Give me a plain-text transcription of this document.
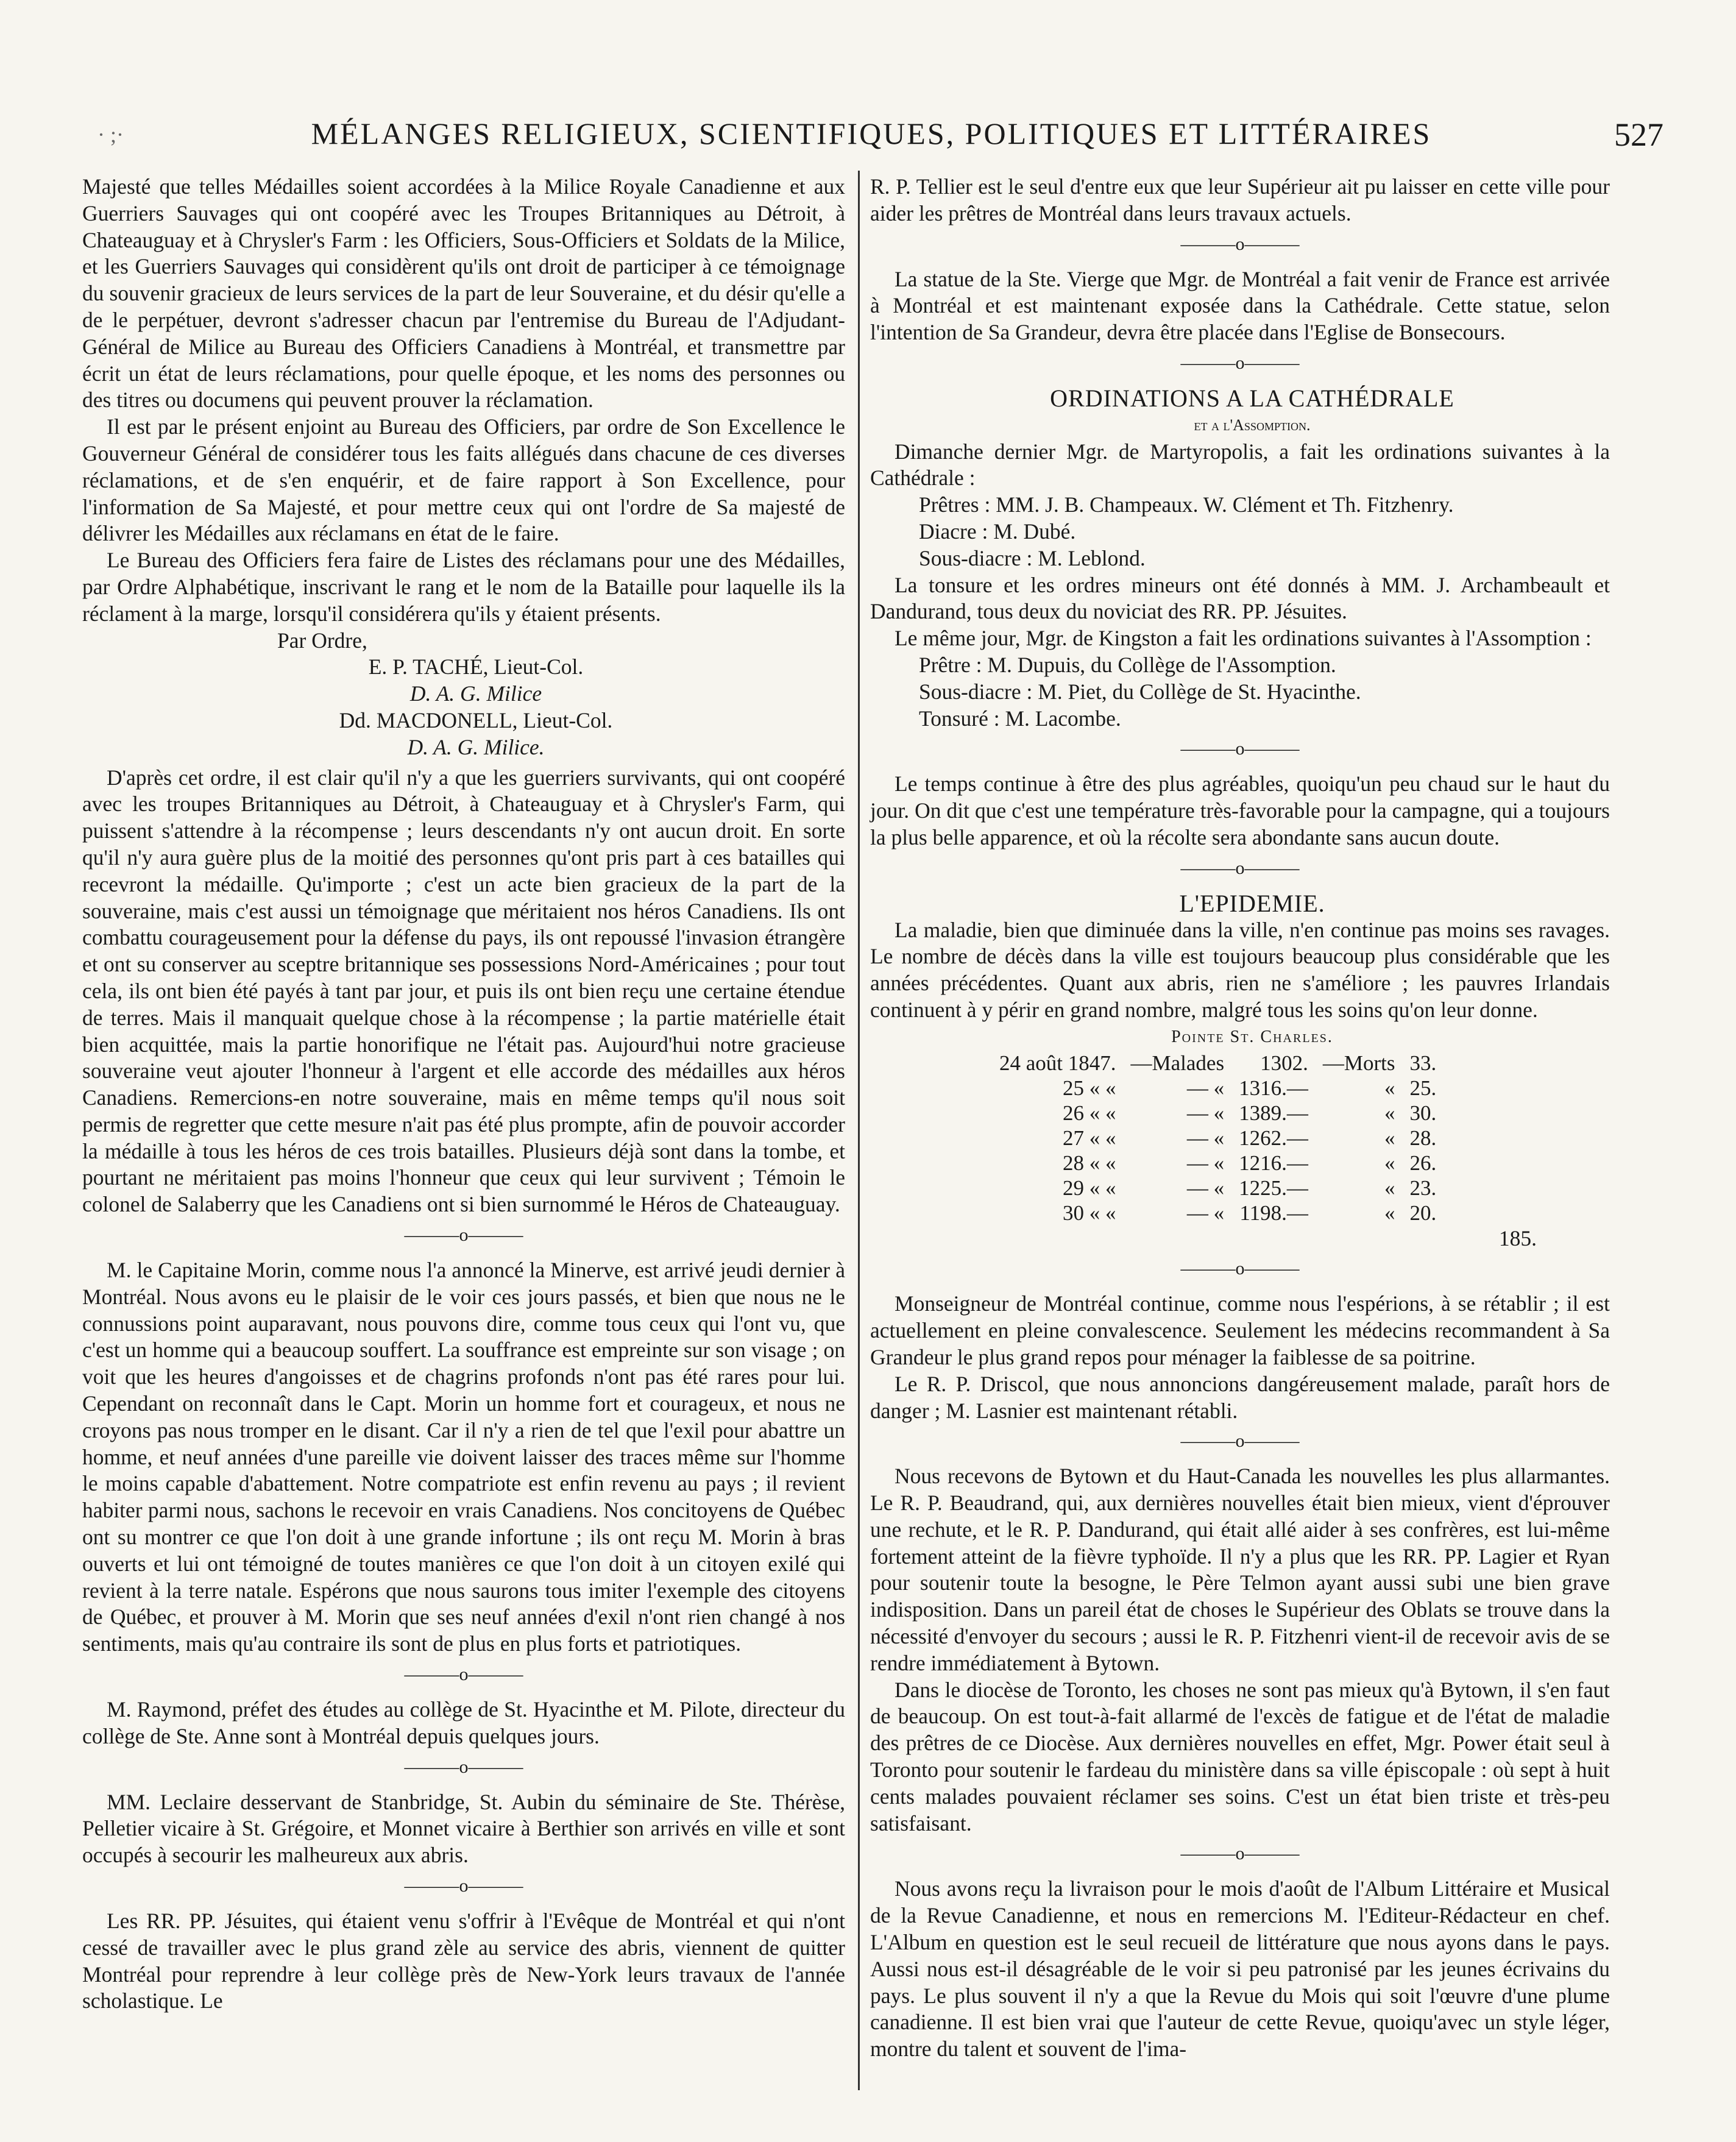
· ;·	MÉLANGES RELIGIEUX, SCIENTIFIQUES, POLITIQUES ET LITTÉRAIRES	527

Majesté que telles Médailles soient accordées à la Milice Royale Canadienne et aux Guerriers Sauvages qui ont coopéré avec les Troupes Britanniques au Détroit, à Chateauguay et à Chrysler's Farm : les Officiers, Sous-Officiers et Soldats de la Milice, et les Guerriers Sauvages qui considèrent qu'ils ont droit de participer à ce témoignage du souvenir gracieux de leurs services de la part de leur Souveraine, et du désir qu'elle a de le perpétuer, devront s'adresser chacun par l'entremise du Bureau de l'Adjudant-Général de Milice au Bureau des Officiers Canadiens à Montréal, et transmettre par écrit un état de leurs réclamations, pour quelle époque, et les noms des personnes ou des titres ou documens qui peuvent prouver la réclamation.

Il est par le présent enjoint au Bureau des Officiers, par ordre de Son Excellence le Gouverneur Général de considérer tous les faits allégués dans chacune de ces diverses réclamations, et de s'en enquérir, et de faire rapport à Son Excellence, pour l'information de Sa Majesté, et pour mettre ceux qui ont l'ordre de Sa majesté de délivrer les Médailles aux réclamans en état de le faire.

Le Bureau des Officiers fera faire de Listes des réclamans pour une des Médailles, par Ordre Alphabétique, inscrivant le rang et le nom de la Bataille pour laquelle ils la réclament à la marge, lorsqu'il considérera qu'ils y étaient présents.

Par Ordre,

E. P. TACHÉ, Lieut-Col.

D. A. G. Milice

Dd. MACDONELL, Lieut-Col.

D. A. G. Milice.

D'après cet ordre, il est clair qu'il n'y a que les guerriers survivants, qui ont coopéré avec les troupes Britanniques au Détroit, à Chateauguay et à Chrysler's Farm, qui puissent s'attendre à la récompense ; leurs descendants n'y ont aucun droit. En sorte qu'il n'y aura guère plus de la moitié des personnes qu'ont pris part à ces batailles qui recevront la médaille. Qu'importe ; c'est un acte bien gracieux de la part de la souveraine, mais c'est aussi un témoignage que méritaient nos héros Canadiens. Ils ont combattu courageusement pour la défense du pays, ils ont repoussé l'invasion étrangère et ont su conserver au sceptre britannique ses possessions Nord-Américaines ; pour tout cela, ils ont bien été payés à tant par jour, et puis ils ont bien reçu une certaine étendue de terres. Mais il manquait quelque chose à la récompense ; la partie matérielle était bien acquittée, mais la partie honorifique ne l'était pas. Aujourd'hui notre gracieuse souveraine veut ajouter l'honneur à l'argent et elle accorde des médailles aux héros Canadiens. Remercions-en notre souveraine, mais en même temps qu'il nous soit permis de regretter que cette mesure n'ait pas été plus prompte, afin de pouvoir accorder la médaille à tous les héros de ces trois batailles. Plusieurs déjà sont dans la tombe, et pourtant ne méritaient pas moins l'honneur que ceux qui leur survivent ; Témoin le colonel de Salaberry que les Canadiens ont si bien surnommé le Héros de Chateauguay.

———o———

M. le Capitaine Morin, comme nous l'a annoncé la Minerve, est arrivé jeudi dernier à Montréal. Nous avons eu le plaisir de le voir ces jours passés, et bien que nous ne le connussions point auparavant, nous pouvons dire, comme tous ceux qui l'ont vu, que c'est un homme qui a beaucoup souffert. La souffrance est empreinte sur son visage ; on voit que les heures d'angoisses et de chagrins profonds n'ont pas été rares pour lui. Cependant on reconnaît dans le Capt. Morin un homme fort et courageux, et nous ne croyons pas nous tromper en le disant. Car il n'y a rien de tel que l'exil pour abattre un homme, et neuf années d'une pareille vie doivent laisser des traces même sur l'homme le moins capable d'abattement. Notre compatriote est enfin revenu au pays ; il revient habiter parmi nous, sachons le recevoir en vrais Canadiens. Nos concitoyens de Québec ont su montrer ce que l'on doit à une grande infortune ; ils ont reçu M. Morin à bras ouverts et lui ont témoigné de toutes manières ce que l'on doit à un citoyen exilé qui revient à la terre natale. Espérons que nous saurons tous imiter l'exemple des citoyens de Québec, et prouver à M. Morin que ses neuf années d'exil n'ont rien changé à nos sentiments, mais qu'au contraire ils sont de plus en plus forts et patriotiques.

———o———

M. Raymond, préfet des études au collège de St. Hyacinthe et M. Pilote, directeur du collège de Ste. Anne sont à Montréal depuis quelques jours.

———o———

MM. Leclaire desservant de Stanbridge, St. Aubin du séminaire de Ste. Thérèse, Pelletier vicaire à St. Grégoire, et Monnet vicaire à Berthier son arrivés en ville et sont occupés à secourir les malheureux aux abris.

———o———

Les RR. PP. Jésuites, qui étaient venu s'offrir à l'Evêque de Montréal et qui n'ont cessé de travailler avec le plus grand zèle au service des abris, viennent de quitter Montréal pour reprendre à leur collège près de New-York leurs travaux de l'année scholastique. Le

R. P. Tellier est le seul d'entre eux que leur Supérieur ait pu laisser en cette ville pour aider les prêtres de Montréal dans leurs travaux actuels.

———o———

La statue de la Ste. Vierge que Mgr. de Montréal a fait venir de France est arrivée à Montréal et est maintenant exposée dans la Cathédrale. Cette statue, selon l'intention de Sa Grandeur, devra être placée dans l'Eglise de Bonsecours.

———o———

ORDINATIONS A LA CATHÉDRALE

et a l'Assomption.

Dimanche dernier Mgr. de Martyropolis, a fait les ordinations suivantes à la Cathédrale :

Prêtres : MM. J. B. Champeaux. W. Clément et Th. Fitzhenry.

Diacre : M. Dubé.

Sous-diacre : M. Leblond.

La tonsure et les ordres mineurs ont été donnés à MM. J. Archambeault et Dandurand, tous deux du noviciat des RR. PP. Jésuites.

Le même jour, Mgr. de Kingston a fait les ordinations suivantes à l'Assomption :

Prêtre : M. Dupuis, du Collège de l'Assomption.

Sous-diacre : M. Piet, du Collège de St. Hyacinthe.

Tonsuré : M. Lacombe.

———o———

Le temps continue à être des plus agréables, quoiqu'un peu chaud sur le haut du jour. On dit que c'est une température très-favorable pour la campagne, qui a toujours la plus belle apparence, et où la récolte sera abondante sans aucun doute.

———o———

L'EPIDEMIE.

La maladie, bien que diminuée dans la ville, n'en continue pas moins ses ravages. Le nombre de décès dans la ville est toujours beaucoup plus considérable que les années précédentes. Quant aux abris, rien ne s'améliore ; les pauvres Irlandais continuent à y périr en grand nombre, malgré tous les soins qu'on leur donne.

Pointe St. Charles.

24 août 1847.	—Malades	1302.	—Morts	33.
25 « «	— «	1316.—	«	25.
26 « «	— «	1389.—	«	30.
27 « «	— «	1262.—	«	28.
28 « «	— «	1216.—	«	26.
29 « «	— «	1225.—	«	23.
30 « «	— «	1198.—	«	20.

185.

———o———

Monseigneur de Montréal continue, comme nous l'espérions, à se rétablir ; il est actuellement en pleine convalescence. Seulement les médecins recommandent à Sa Grandeur le plus grand repos pour ménager la faiblesse de sa poitrine.

Le R. P. Driscol, que nous annoncions dangéreusement malade, paraît hors de danger ; M. Lasnier est maintenant rétabli.

———o———

Nous recevons de Bytown et du Haut-Canada les nouvelles les plus allarmantes. Le R. P. Beaudrand, qui, aux dernières nouvelles était bien mieux, vient d'éprouver une rechute, et le R. P. Dandurand, qui était allé aider à ses confrères, est lui-même fortement atteint de la fièvre typhoïde. Il n'y a plus que les RR. PP. Lagier et Ryan pour soutenir toute la besogne, le Père Telmon ayant aussi subi une bien grave indisposition. Dans un pareil état de choses le Supérieur des Oblats se trouve dans la nécessité d'envoyer du secours ; aussi le R. P. Fitzhenri vient-il de recevoir avis de se rendre immédiatement à Bytown.

Dans le diocèse de Toronto, les choses ne sont pas mieux qu'à Bytown, il s'en faut de beaucoup. On est tout-à-fait allarmé de l'excès de fatigue et de l'état de maladie des prêtres de ce Diocèse. Aux dernières nouvelles en effet, Mgr. Power était seul à Toronto pour soutenir le fardeau du ministère dans sa ville épiscopale : où sept à huit cents malades pouvaient réclamer ses soins. C'est un état bien triste et très-peu satisfaisant.

———o———

Nous avons reçu la livraison pour le mois d'août de l'Album Littéraire et Musical de la Revue Canadienne, et nous en remercions M. l'Editeur-Rédacteur en chef. L'Album en question est le seul recueil de littérature que nous ayons dans le pays. Aussi nous est-il désagréable de le voir si peu patronisé par les jeunes écrivains du pays. Le plus souvent il n'y a que la Revue du Mois qui soit l'œuvre d'une plume canadienne. Il est bien vrai que l'auteur de cette Revue, quoiqu'avec un style léger, montre du talent et souvent de l'ima-
